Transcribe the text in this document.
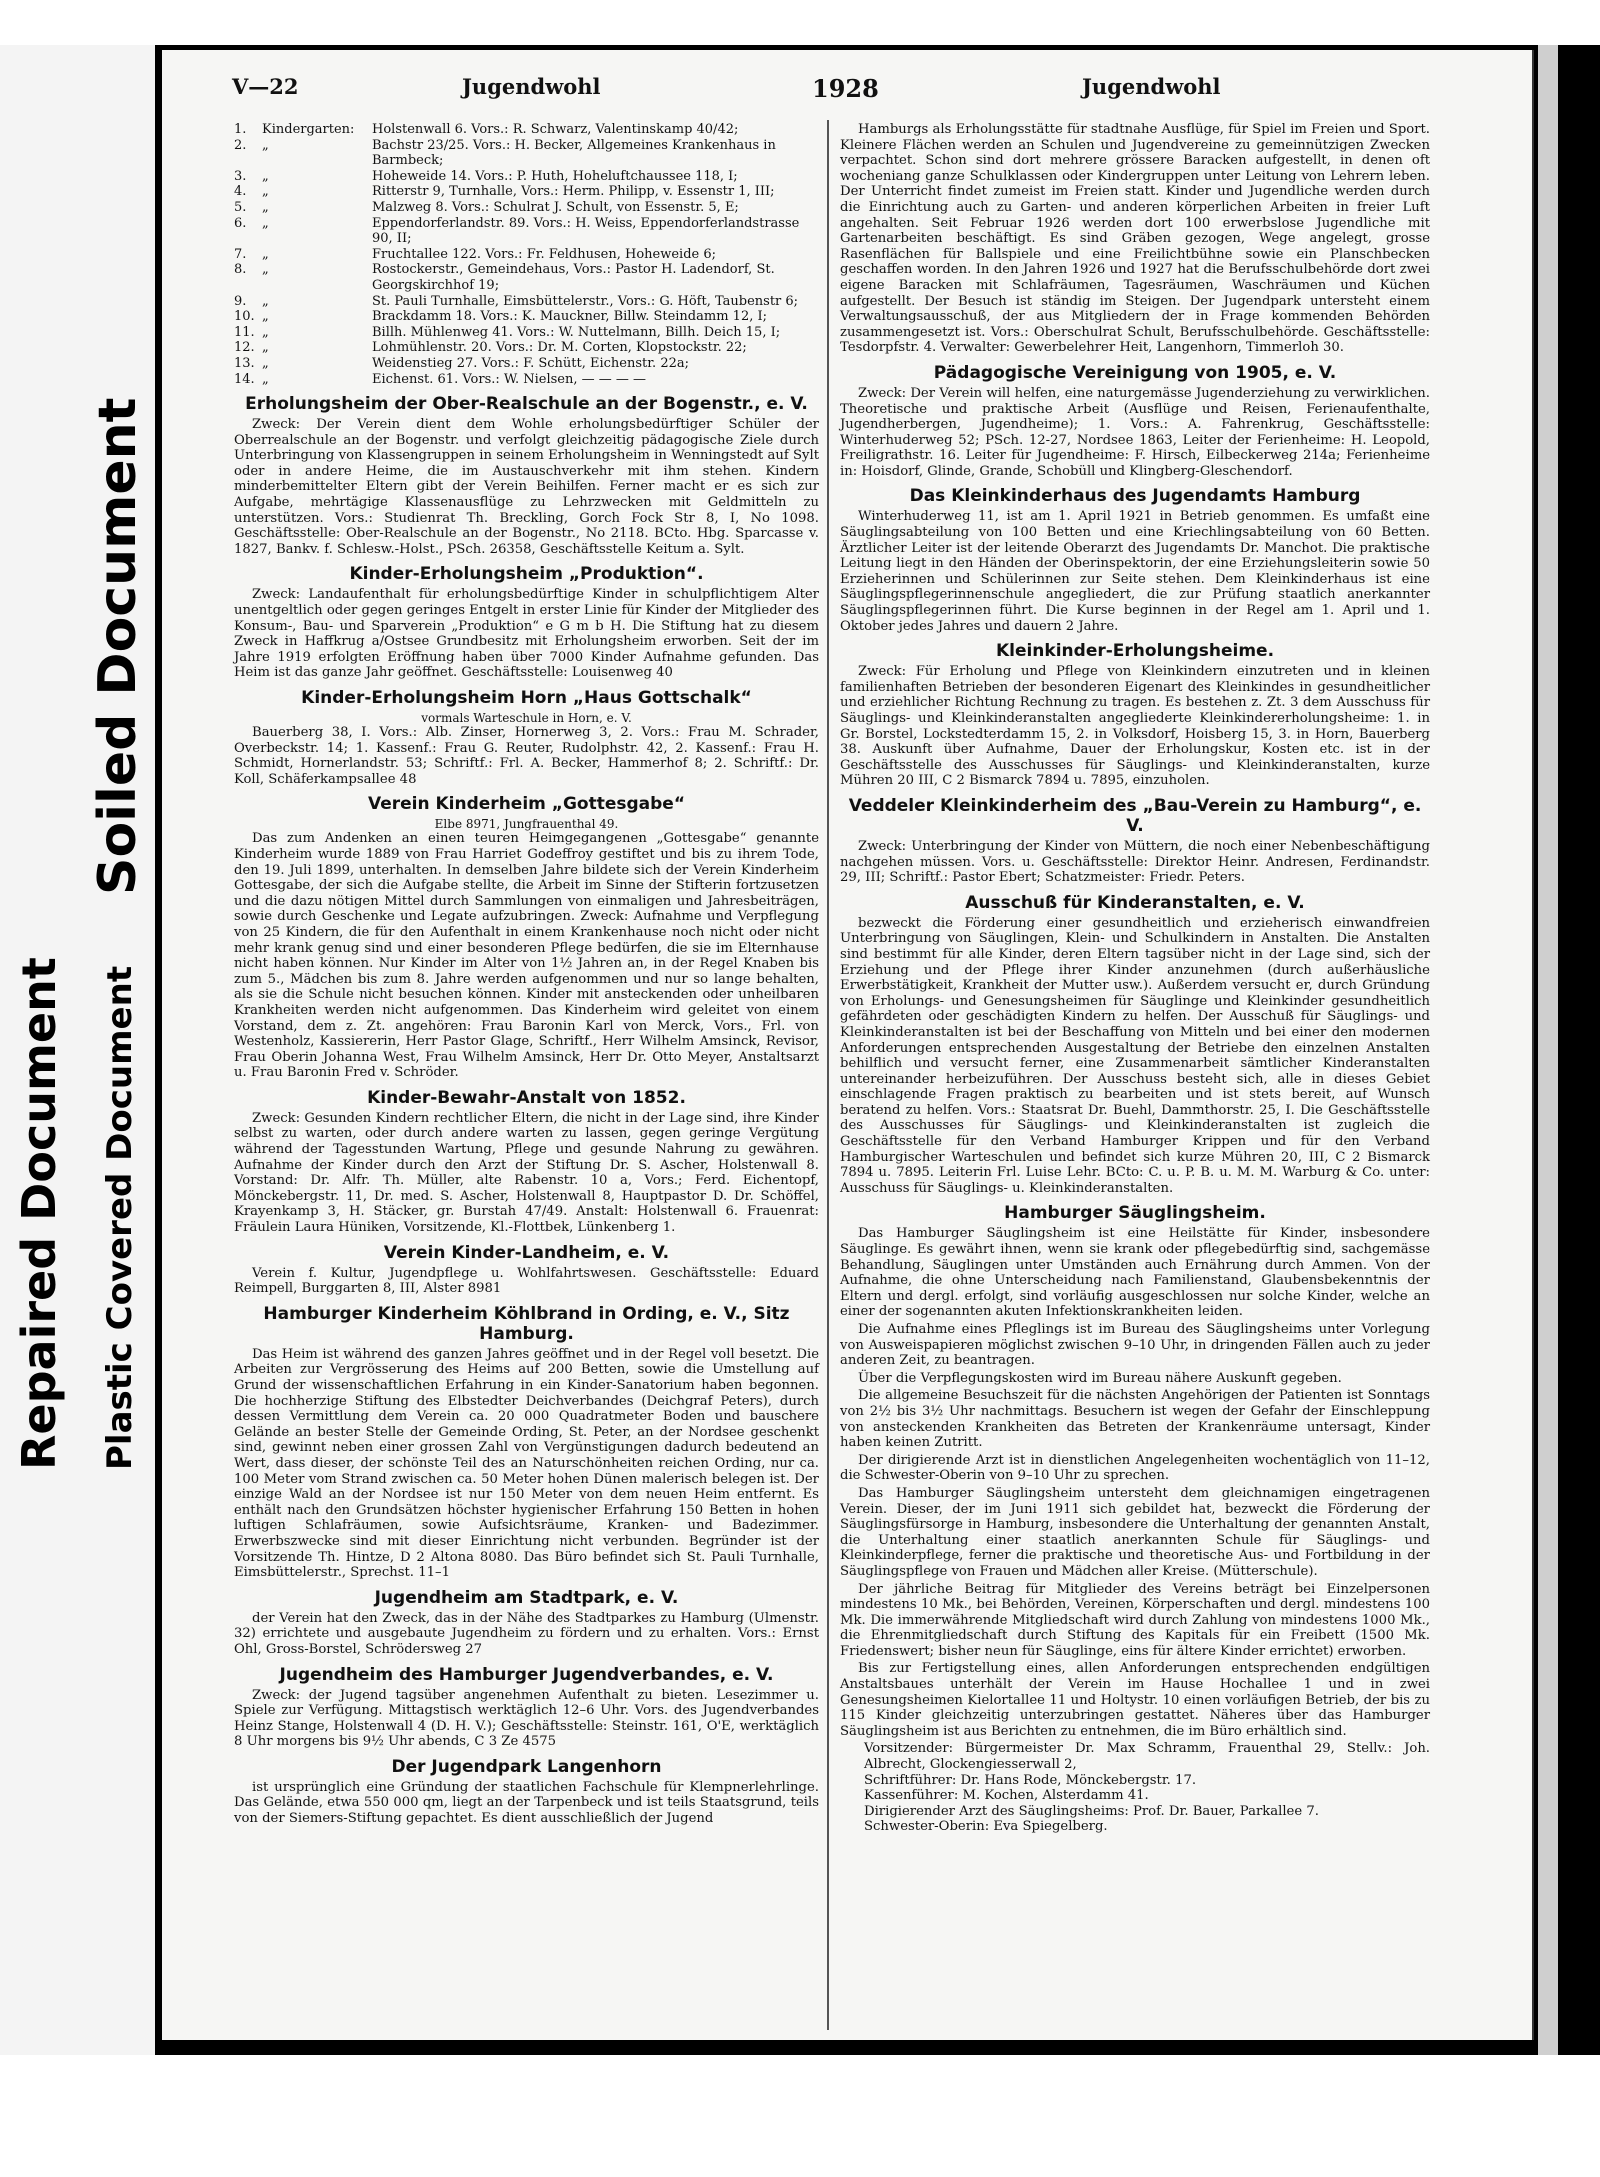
Soiled Document
Repaired Document Plastic Covered Document
V—22	Jugendwohl	1928	Jugendwohl
1.	Kindergarten:	Holstenwall 6. Vors.: R. Schwarz, Valentinskamp 40/42;
2.	„	Bachstr 23/25. Vors.: H. Becker, Allgemeines Krankenhaus in Barmbeck;
3.	„	Hoheweide 14. Vors.: P. Huth, Hoheluftchaussee 118, I;
4.	„	Ritterstr 9, Turnhalle, Vors.: Herm. Philipp, v. Essenstr 1, III;
5.	„	Malzweg 8. Vors.: Schulrat J. Schult, von Essenstr. 5, E;
6.	„	Eppendorferlandstr. 89. Vors.: H. Weiss, Eppendorferlandstrasse 90, II;
7.	„	Fruchtallee 122. Vors.: Fr. Feldhusen, Hoheweide 6;
8.	„	Rostockerstr., Gemeindehaus, Vors.: Pastor H. Ladendorf, St. Georgskirchhof 19;
9.	„	St. Pauli Turnhalle, Eimsbüttelerstr., Vors.: G. Höft, Taubenstr 6;
10.	„	Brackdamm 18. Vors.: K. Mauckner, Billw. Steindamm 12, I;
11.	„	Billh. Mühlenweg 41. Vors.: W. Nuttelmann, Billh. Deich 15, I;
12.	„	Lohmühlenstr. 20. Vors.: Dr. M. Corten, Klopstockstr. 22;
13.	„	Weidenstieg 27. Vors.: F. Schütt, Eichenstr. 22a;
14.	„	Eichenst. 61. Vors.: W. Nielsen, — — — —
Erholungsheim der Ober-Realschule an der Bogenstr., e. V.
Zweck: Der Verein dient dem Wohle erholungsbedürftiger Schüler der Oberrealschule an der Bogenstr. und verfolgt gleichzeitig pädagogische Ziele durch Unterbringung von Klassengruppen in seinem Erholungsheim in Wenningstedt auf Sylt oder in andere Heime, die im Austauschverkehr mit ihm stehen. Kindern minderbemittelter Eltern gibt der Verein Beihilfen. Ferner macht er es sich zur Aufgabe, mehrtägige Klassenausflüge zu Lehrzwecken mit Geldmitteln zu unterstützen. Vors.: Studienrat Th. Breckling, Gorch Fock Str 8, I, No 1098. Geschäftsstelle: Ober-Realschule an der Bogenstr., No 2118. BCto. Hbg. Sparcasse v. 1827, Bankv. f. Schlesw.-Holst., PSch. 26358, Geschäftsstelle Keitum a. Sylt.
Kinder-Erholungsheim „Produktion“.
Zweck: Landaufenthalt für erholungsbedürftige Kinder in schulpflichtigem Alter unentgeltlich oder gegen geringes Entgelt in erster Linie für Kinder der Mitglieder des Konsum-, Bau- und Sparverein „Produktion“ e G m b H. Die Stiftung hat zu diesem Zweck in Haffkrug a/Ostsee Grundbesitz mit Erholungsheim erworben. Seit der im Jahre 1919 erfolgten Eröffnung haben über 7000 Kinder Aufnahme gefunden. Das Heim ist das ganze Jahr geöffnet. Geschäftsstelle: Louisenweg 40
Kinder-Erholungsheim Horn „Haus Gottschalk“
vormals Warteschule in Horn, e. V.
Bauerberg 38, I. Vors.: Alb. Zinser, Hornerweg 3, 2. Vors.: Frau M. Schrader, Overbeckstr. 14; 1. Kassenf.: Frau G. Reuter, Rudolphstr. 42, 2. Kassenf.: Frau H. Schmidt, Hornerlandstr. 53; Schriftf.: Frl. A. Becker, Hammerhof 8; 2. Schriftf.: Dr. Koll, Schäferkampsallee 48
Verein Kinderheim „Gottesgabe“
Elbe 8971, Jungfrauenthal 49.
Das zum Andenken an einen teuren Heimgegangenen „Gottesgabe“ genannte Kinderheim wurde 1889 von Frau Harriet Godeffroy gestiftet und bis zu ihrem Tode, den 19. Juli 1899, unterhalten. In demselben Jahre bildete sich der Verein Kinderheim Gottesgabe, der sich die Aufgabe stellte, die Arbeit im Sinne der Stifterin fortzusetzen und die dazu nötigen Mittel durch Sammlungen von einmaligen und Jahresbeiträgen, sowie durch Geschenke und Legate aufzubringen. Zweck: Aufnahme und Verpflegung von 25 Kindern, die für den Aufenthalt in einem Krankenhause noch nicht oder nicht mehr krank genug sind und einer besonderen Pflege bedürfen, die sie im Elternhause nicht haben können. Nur Kinder im Alter von 1½ Jahren an, in der Regel Knaben bis zum 5., Mädchen bis zum 8. Jahre werden aufgenommen und nur so lange behalten, als sie die Schule nicht besuchen können. Kinder mit ansteckenden oder unheilbaren Krankheiten werden nicht aufgenommen. Das Kinderheim wird geleitet von einem Vorstand, dem z. Zt. angehören: Frau Baronin Karl von Merck, Vors., Frl. von Westenholz, Kassiererin, Herr Pastor Glage, Schriftf., Herr Wilhelm Amsinck, Revisor, Frau Oberin Johanna West, Frau Wilhelm Amsinck, Herr Dr. Otto Meyer, Anstaltsarzt u. Frau Baronin Fred v. Schröder.
Kinder-Bewahr-Anstalt von 1852.
Zweck: Gesunden Kindern rechtlicher Eltern, die nicht in der Lage sind, ihre Kinder selbst zu warten, oder durch andere warten zu lassen, gegen geringe Vergütung während der Tagesstunden Wartung, Pflege und gesunde Nahrung zu gewähren. Aufnahme der Kinder durch den Arzt der Stiftung Dr. S. Ascher, Holstenwall 8. Vorstand: Dr. Alfr. Th. Müller, alte Rabenstr. 10 a, Vors.; Ferd. Eichentopf, Mönckebergstr. 11, Dr. med. S. Ascher, Holstenwall 8, Hauptpastor D. Dr. Schöffel, Krayenkamp 3, H. Stäcker, gr. Burstah 47/49. Anstalt: Holstenwall 6. Frauenrat: Fräulein Laura Hüniken, Vorsitzende, Kl.-Flottbek, Lünkenberg 1.
Verein Kinder-Landheim, e. V.
Verein f. Kultur, Jugendpflege u. Wohlfahrtswesen. Geschäftsstelle: Eduard Reimpell, Burggarten 8, III, Alster 8981
Hamburger Kinderheim Köhlbrand in Ording, e. V., Sitz Hamburg.
Das Heim ist während des ganzen Jahres geöffnet und in der Regel voll besetzt. Die Arbeiten zur Vergrösserung des Heims auf 200 Betten, sowie die Umstellung auf Grund der wissenschaftlichen Erfahrung in ein Kinder-Sanatorium haben begonnen. Die hochherzige Stiftung des Elbstedter Deichverbandes (Deichgraf Peters), durch dessen Vermittlung dem Verein ca. 20 000 Quadratmeter Boden und bauschere Gelände an bester Stelle der Gemeinde Ording, St. Peter, an der Nordsee geschenkt sind, gewinnt neben einer grossen Zahl von Vergünstigungen dadurch bedeutend an Wert, dass dieser, der schönste Teil des an Naturschönheiten reichen Ording, nur ca. 100 Meter vom Strand zwischen ca. 50 Meter hohen Dünen malerisch belegen ist. Der einzige Wald an der Nordsee ist nur 150 Meter von dem neuen Heim entfernt. Es enthält nach den Grundsätzen höchster hygienischer Erfahrung 150 Betten in hohen luftigen Schlafräumen, sowie Aufsichtsräume, Kranken- und Badezimmer. Erwerbszwecke sind mit dieser Einrichtung nicht verbunden. Begründer ist der Vorsitzende Th. Hintze, D 2 Altona 8080. Das Büro befindet sich St. Pauli Turnhalle, Eimsbüttelerstr., Sprechst. 11–1
Jugendheim am Stadtpark, e. V.
der Verein hat den Zweck, das in der Nähe des Stadtparkes zu Hamburg (Ulmenstr. 32) errichtete und ausgebaute Jugendheim zu fördern und zu erhalten. Vors.: Ernst Ohl, Gross-Borstel, Schrödersweg 27
Jugendheim des Hamburger Jugendverbandes, e. V.
Zweck: der Jugend tagsüber angenehmen Aufenthalt zu bieten. Lesezimmer u. Spiele zur Verfügung. Mittagstisch werktäglich 12–6 Uhr. Vors. des Jugendverbandes Heinz Stange, Holstenwall 4 (D. H. V.); Geschäftsstelle: Steinstr. 161, O'E, werktäglich 8 Uhr morgens bis 9½ Uhr abends, C 3 Ze 4575
Der Jugendpark Langenhorn
ist ursprünglich eine Gründung der staatlichen Fachschule für Klempnerlehrlinge. Das Gelände, etwa 550 000 qm, liegt an der Tarpenbeck und ist teils Staatsgrund, teils von der Siemers-Stiftung gepachtet. Es dient ausschließlich der Jugend
Hamburgs als Erholungsstätte für stadtnahe Ausflüge, für Spiel im Freien und Sport. Kleinere Flächen werden an Schulen und Jugendvereine zu gemeinnützigen Zwecken verpachtet. Schon sind dort mehrere grössere Baracken aufgestellt, in denen oft wocheniang ganze Schulklassen oder Kindergruppen unter Leitung von Lehrern leben. Der Unterricht findet zumeist im Freien statt. Kinder und Jugendliche werden durch die Einrichtung auch zu Garten- und anderen körperlichen Arbeiten in freier Luft angehalten. Seit Februar 1926 werden dort 100 erwerbslose Jugendliche mit Gartenarbeiten beschäftigt. Es sind Gräben gezogen, Wege angelegt, grosse Rasenflächen für Ballspiele und eine Freilichtbühne sowie ein Planschbecken geschaffen worden. In den Jahren 1926 und 1927 hat die Berufsschulbehörde dort zwei eigene Baracken mit Schlafräumen, Tagesräumen, Waschräumen und Küchen aufgestellt. Der Besuch ist ständig im Steigen. Der Jugendpark untersteht einem Verwaltungsausschuß, der aus Mitgliedern der in Frage kommenden Behörden zusammengesetzt ist. Vors.: Oberschulrat Schult, Berufsschulbehörde. Geschäftsstelle: Tesdorpfstr. 4. Verwalter: Gewerbelehrer Heit, Langenhorn, Timmerloh 30.
Pädagogische Vereinigung von 1905, e. V.
Zweck: Der Verein will helfen, eine naturgemässe Jugenderziehung zu verwirklichen. Theoretische und praktische Arbeit (Ausflüge und Reisen, Ferienaufenthalte, Jugendherbergen, Jugendheime); 1. Vors.: A. Fahrenkrug, Geschäftsstelle: Winterhuderweg 52; PSch. 12-27, Nordsee 1863, Leiter der Ferienheime: H. Leopold, Freiligrathstr. 16. Leiter für Jugendheime: F. Hirsch, Eilbeckerweg 214a; Ferienheime in: Hoisdorf, Glinde, Grande, Schobüll und Klingberg-Gleschendorf.
Das Kleinkinderhaus des Jugendamts Hamburg
Winterhuderweg 11, ist am 1. April 1921 in Betrieb genommen. Es umfaßt eine Säuglingsabteilung von 100 Betten und eine Kriechlingsabteilung von 60 Betten. Ärztlicher Leiter ist der leitende Oberarzt des Jugendamts Dr. Manchot. Die praktische Leitung liegt in den Händen der Oberinspektorin, der eine Erziehungsleiterin sowie 50 Erzieherinnen und Schülerinnen zur Seite stehen. Dem Kleinkinderhaus ist eine Säuglingspflegerinnenschule angegliedert, die zur Prüfung staatlich anerkannter Säuglingspflegerinnen führt. Die Kurse beginnen in der Regel am 1. April und 1. Oktober jedes Jahres und dauern 2 Jahre.
Kleinkinder-Erholungsheime.
Zweck: Für Erholung und Pflege von Kleinkindern einzutreten und in kleinen familienhaften Betrieben der besonderen Eigenart des Kleinkindes in gesundheitlicher und erziehlicher Richtung Rechnung zu tragen. Es bestehen z. Zt. 3 dem Ausschuss für Säuglings- und Kleinkinderanstalten angegliederte Kleinkindererholungsheime: 1. in Gr. Borstel, Lockstedterdamm 15, 2. in Volksdorf, Hoisberg 15, 3. in Horn, Bauerberg 38. Auskunft über Aufnahme, Dauer der Erholungskur, Kosten etc. ist in der Geschäftsstelle des Ausschusses für Säuglings- und Kleinkinderanstalten, kurze Mühren 20 III, C 2 Bismarck 7894 u. 7895, einzuholen.
Veddeler Kleinkinderheim des „Bau-Verein zu Hamburg“, e. V.
Zweck: Unterbringung der Kinder von Müttern, die noch einer Nebenbeschäftigung nachgehen müssen. Vors. u. Geschäftsstelle: Direktor Heinr. Andresen, Ferdinandstr. 29, III; Schriftf.: Pastor Ebert; Schatzmeister: Friedr. Peters.
Ausschuß für Kinderanstalten, e. V.
bezweckt die Förderung einer gesundheitlich und erzieherisch einwandfreien Unterbringung von Säuglingen, Klein- und Schulkindern in Anstalten. Die Anstalten sind bestimmt für alle Kinder, deren Eltern tagsüber nicht in der Lage sind, sich der Erziehung und der Pflege ihrer Kinder anzunehmen (durch außerhäusliche Erwerbstätigkeit, Krankheit der Mutter usw.). Außerdem versucht er, durch Gründung von Erholungs- und Genesungsheimen für Säuglinge und Kleinkinder gesundheitlich gefährdeten oder geschädigten Kindern zu helfen. Der Ausschuß für Säuglings- und Kleinkinderanstalten ist bei der Beschaffung von Mitteln und bei einer den modernen Anforderungen entsprechenden Ausgestaltung der Betriebe den einzelnen Anstalten behilflich und versucht ferner, eine Zusammenarbeit sämtlicher Kinderanstalten untereinander herbeizuführen. Der Ausschuss besteht sich, alle in dieses Gebiet einschlagende Fragen praktisch zu bearbeiten und ist stets bereit, auf Wunsch beratend zu helfen. Vors.: Staatsrat Dr. Buehl, Dammthorstr. 25, I. Die Geschäftsstelle des Ausschusses für Säuglings- und Kleinkinderanstalten ist zugleich die Geschäftsstelle für den Verband Hamburger Krippen und für den Verband Hamburgischer Warteschulen und befindet sich kurze Mühren 20, III, C 2 Bismarck 7894 u. 7895. Leiterin Frl. Luise Lehr. BCto: C. u. P. B. u. M. M. Warburg & Co. unter: Ausschuss für Säuglings- u. Kleinkinderanstalten.
Hamburger Säuglingsheim.
Das Hamburger Säuglingsheim ist eine Heilstätte für Kinder, insbesondere Säuglinge. Es gewährt ihnen, wenn sie krank oder pflegebedürftig sind, sachgemässe Behandlung, Säuglingen unter Umständen auch Ernährung durch Ammen. Von der Aufnahme, die ohne Unterscheidung nach Familienstand, Glaubensbekenntnis der Eltern und dergl. erfolgt, sind vorläufig ausgeschlossen nur solche Kinder, welche an einer der sogenannten akuten Infektionskrankheiten leiden.
Die Aufnahme eines Pfleglings ist im Bureau des Säuglingsheims unter Vorlegung von Ausweispapieren möglichst zwischen 9–10 Uhr, in dringenden Fällen auch zu jeder anderen Zeit, zu beantragen.
Über die Verpflegungskosten wird im Bureau nähere Auskunft gegeben.
Die allgemeine Besuchszeit für die nächsten Angehörigen der Patienten ist Sonntags von 2½ bis 3½ Uhr nachmittags. Besuchern ist wegen der Gefahr der Einschleppung von ansteckenden Krankheiten das Betreten der Krankenräume untersagt, Kinder haben keinen Zutritt.
Der dirigierende Arzt ist in dienstlichen Angelegenheiten wochentäglich von 11–12, die Schwester-Oberin von 9–10 Uhr zu sprechen.
Das Hamburger Säuglingsheim untersteht dem gleichnamigen eingetragenen Verein. Dieser, der im Juni 1911 sich gebildet hat, bezweckt die Förderung der Säuglingsfürsorge in Hamburg, insbesondere die Unterhaltung der genannten Anstalt, die Unterhaltung einer staatlich anerkannten Schule für Säuglings- und Kleinkinderpflege, ferner die praktische und theoretische Aus- und Fortbildung in der Säuglingspflege von Frauen und Mädchen aller Kreise. (Mütterschule).
Der jährliche Beitrag für Mitglieder des Vereins beträgt bei Einzelpersonen mindestens 10 Mk., bei Behörden, Vereinen, Körperschaften und dergl. mindestens 100 Mk. Die immerwährende Mitgliedschaft wird durch Zahlung von mindestens 1000 Mk., die Ehrenmitgliedschaft durch Stiftung des Kapitals für ein Freibett (1500 Mk. Friedenswert; bisher neun für Säuglinge, eins für ältere Kinder errichtet) erworben.
Bis zur Fertigstellung eines, allen Anforderungen entsprechenden endgültigen Anstaltsbaues unterhält der Verein im Hause Hochallee 1 und in zwei Genesungsheimen Kielortallee 11 und Holtystr. 10 einen vorläufigen Betrieb, der bis zu 115 Kinder gleichzeitig unterzubringen gestattet. Näheres über das Hamburger Säuglingsheim ist aus Berichten zu entnehmen, die im Büro erhältlich sind.
Vorsitzender: Bürgermeister Dr. Max Schramm, Frauenthal 29, Stellv.: Joh. Albrecht, Glockengiesserwall 2,
Schriftführer: Dr. Hans Rode, Mönckebergstr. 17.
Kassenführer: M. Kochen, Alsterdamm 41.
Dirigierender Arzt des Säuglingsheims: Prof. Dr. Bauer, Parkallee 7.
Schwester-Oberin: Eva Spiegelberg.
